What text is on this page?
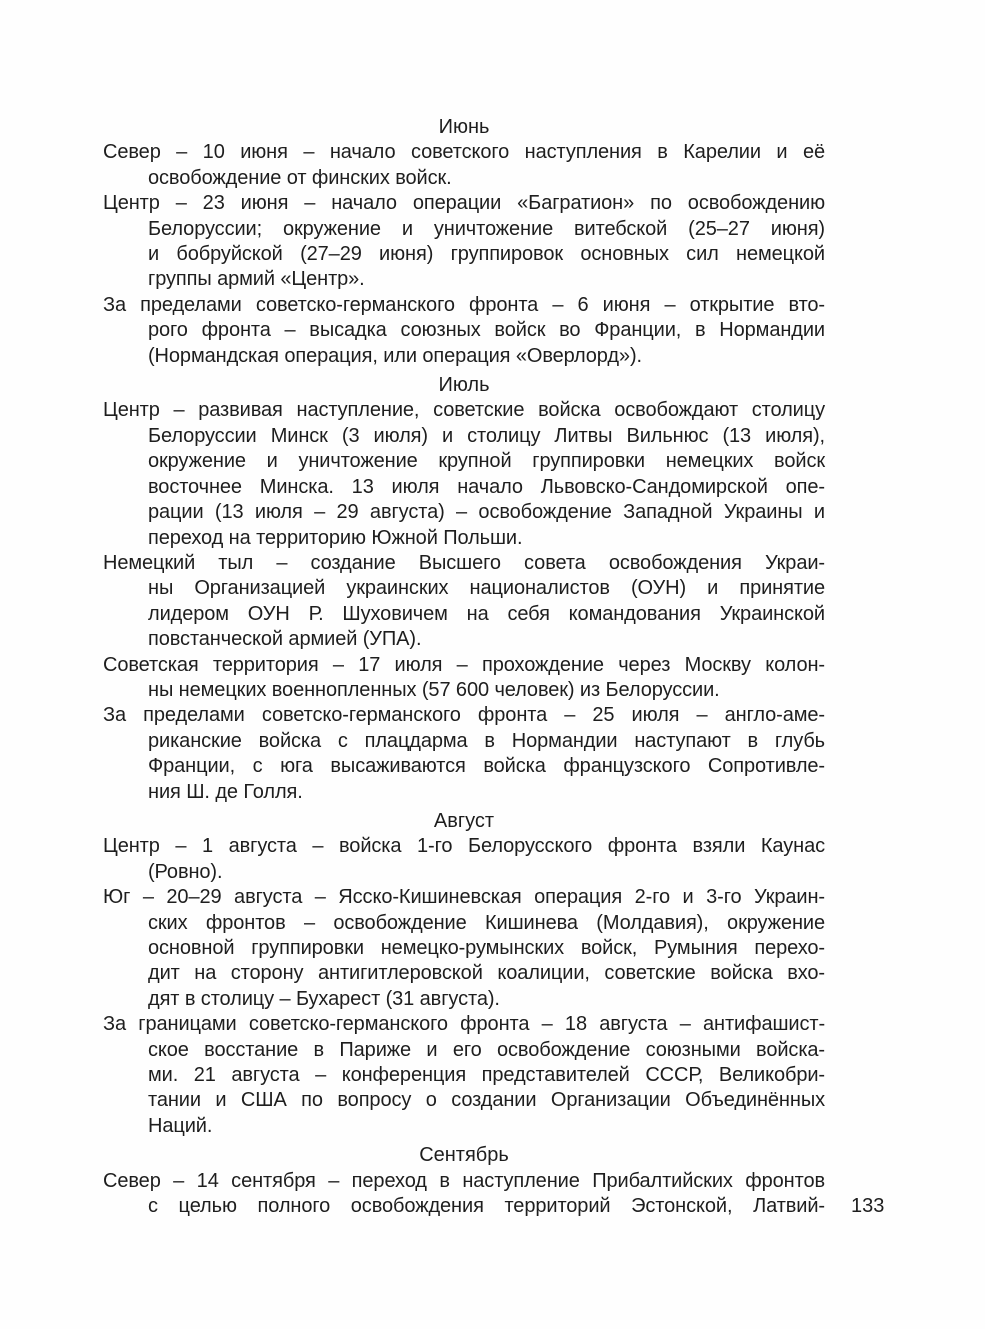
Июнь
Север – 10 июня – начало советского наступления в Карелии и её
освобождение от финских войск.
Центр – 23 июня – начало операции «Багратион» по освобождению
Белоруссии; окружение и уничтожение витебской (25–27 июня)
и бобруйской (27–29 июня) группировок основных сил немецкой
группы армий «Центр».
За пределами советско-германского фронта – 6 июня – открытие вто-
рого фронта – высадка союзных войск во Франции, в Нормандии
(Нормандская операция, или операция «Оверлорд»).
Июль
Центр – развивая наступление, советские войска освобождают столицу
Белоруссии Минск (3 июля) и столицу Литвы Вильнюс (13 июля),
окружение и уничтожение крупной группировки немецких войск
восточнее Минска. 13 июля начало Львовско-Сандомирской опе-
рации (13 июля – 29 августа) – освобождение Западной Украины и
переход на территорию Южной Польши.
Немецкий тыл – создание Высшего совета освобождения Украи-
ны Организацией украинских националистов (ОУН) и принятие
лидером ОУН Р. Шуховичем на себя командования Украинской
повстанческой армией (УПА).
Советская территория – 17 июля – прохождение через Москву колон-
ны немецких военнопленных (57 600 человек) из Белоруссии.
За пределами советско-германского фронта – 25 июля – англо-аме-
риканские войска с плацдарма в Нормандии наступают в глубь
Франции, с юга высаживаются войска французского Сопротивле-
ния Ш. де Голля.
Август
Центр – 1 августа – войска 1-го Белорусского фронта взяли Каунас
(Ровно).
Юг – 20–29 августа – Ясско-Кишиневская операция 2-го и 3-го Украин-
ских фронтов – освобождение Кишинева (Молдавия), окружение
основной группировки немецко-румынских войск, Румыния перехо-
дит на сторону антигитлеровской коалиции, советские войска вхо-
дят в столицу – Бухарест (31 августа).
За границами советско-германского фронта – 18 августа – антифашист-
ское восстание в Париже и его освобождение союзными войска-
ми. 21 августа – конференция представителей СССР, Великобри-
тании и США по вопросу о создании Организации Объединённых
Наций.
Сентябрь
Север – 14 сентября – переход в наступление Прибалтийских фронтов
с целью полного освобождения территорий Эстонской, Латвий- 133
